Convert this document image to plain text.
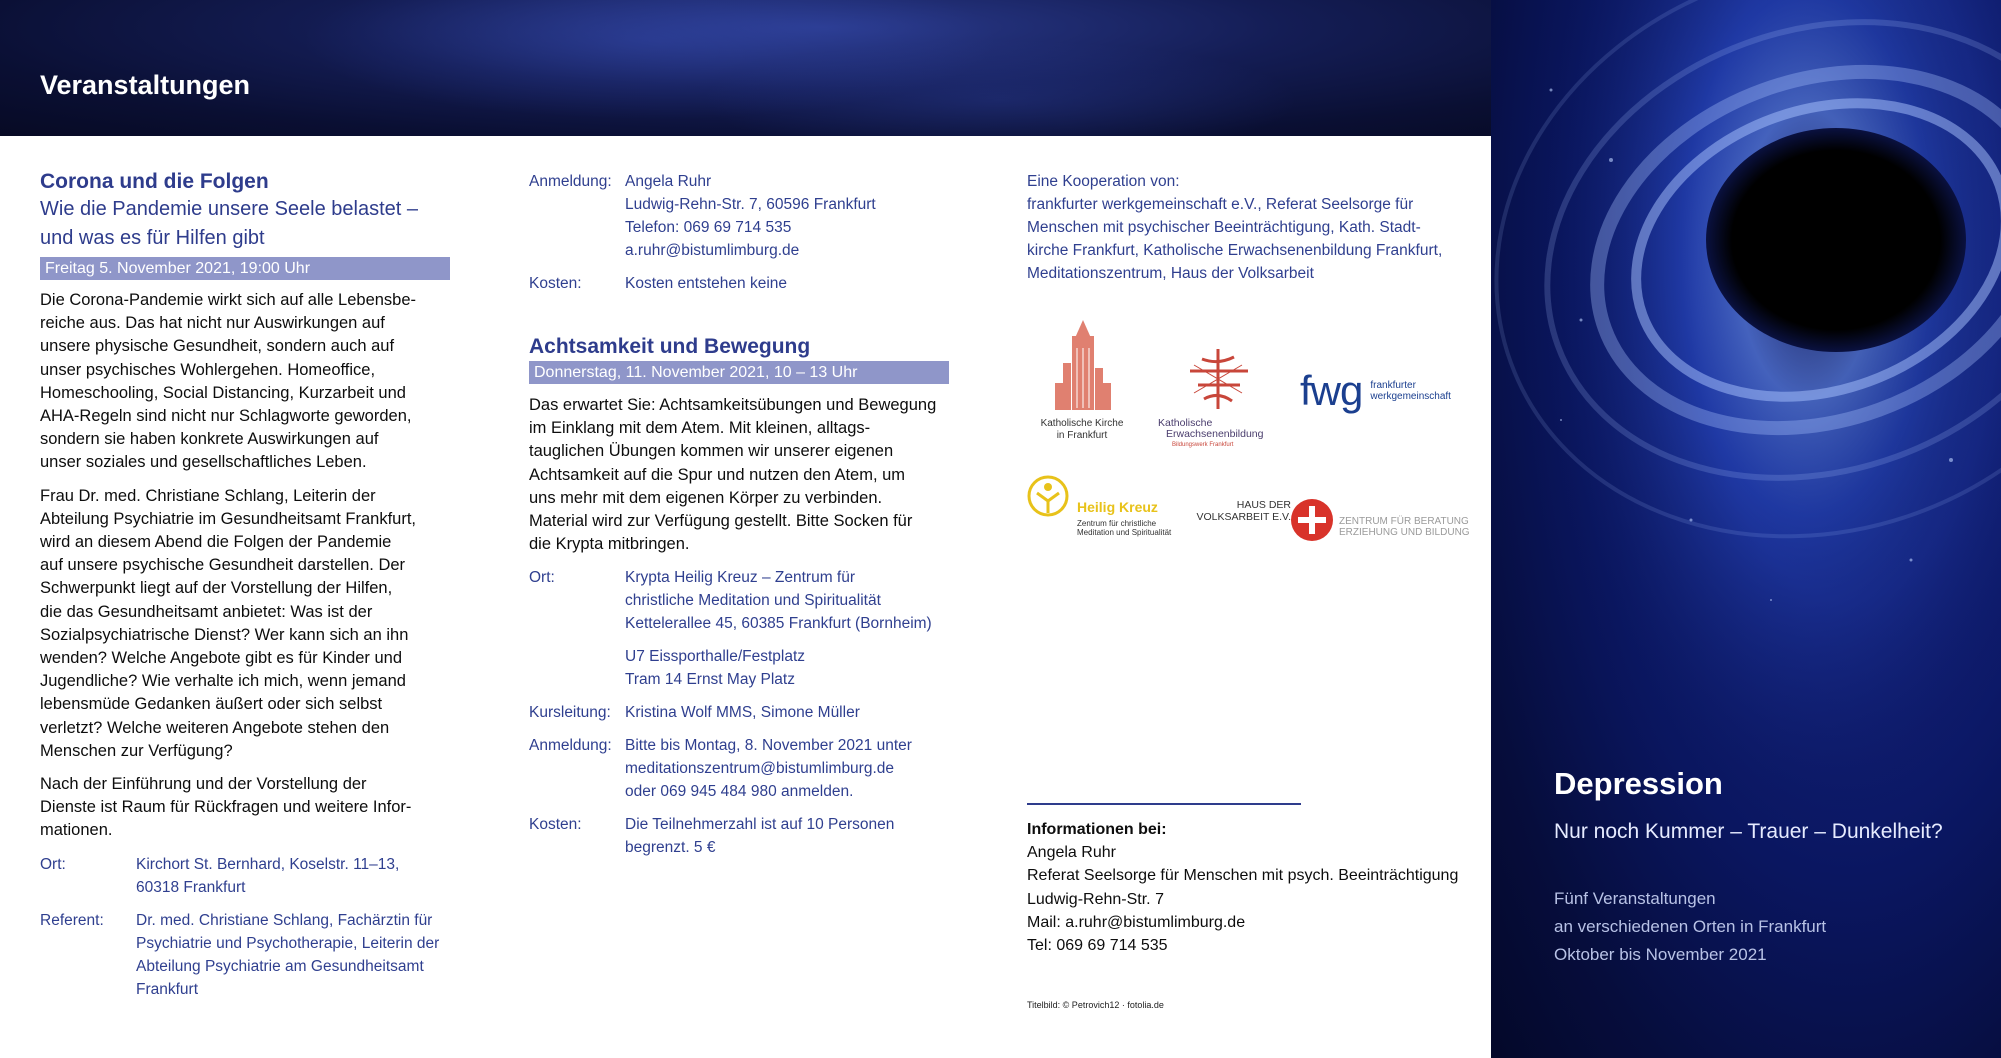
Veranstaltungen
Corona und die Folgen
Wie die Pandemie unsere Seele belastet –
und was es für Hilfen gibt
Freitag 5. November 2021, 19:00 Uhr
Die Corona-Pandemie wirkt sich auf alle Lebensbe-
reiche aus. Das hat nicht nur Auswirkungen auf
unsere physische Gesundheit, sondern auch auf
unser psychisches Wohlergehen. Homeoffice,
Homeschooling, Social Distancing, Kurzarbeit und
AHA-Regeln sind nicht nur Schlagworte geworden,
sondern sie haben konkrete Auswirkungen auf
unser soziales und gesellschaftliches Leben.
Frau Dr. med. Christiane Schlang, Leiterin der
Abteilung Psychiatrie im Gesundheitsamt Frankfurt,
wird an diesem Abend die Folgen der Pandemie
auf unsere psychische Gesundheit darstellen. Der
Schwerpunkt liegt auf der Vorstellung der Hilfen,
die das Gesundheitsamt anbietet: Was ist der
Sozialpsychiatrische Dienst? Wer kann sich an ihn
wenden? Welche Angebote gibt es für Kinder und
Jugendliche? Wie verhalte ich mich, wenn jemand
lebensmüde Gedanken äußert oder sich selbst
verletzt? Welche weiteren Angebote stehen den
Menschen zur Verfügung?
Nach der Einführung und der Vorstellung der
Dienste ist Raum für Rückfragen und weitere Infor-
mationen.
Ort:	Kirchort St. Bernhard, Koselstr. 11–13,
60318 Frankfurt
Referent:	Dr. med. Christiane Schlang, Fachärztin für
Psychiatrie und Psychotherapie, Leiterin der
Abteilung Psychiatrie am Gesundheitsamt
Frankfurt
Anmeldung: Angela Ruhr
Ludwig-Rehn-Str. 7, 60596 Frankfurt
Telefon: 069 69 714 535
a.ruhr@bistumlimburg.de
Kosten:	Kosten entstehen keine
Achtsamkeit und Bewegung
Donnerstag, 11. November 2021, 10 – 13 Uhr
Das erwartet Sie: Achtsamkeitsübungen und Bewegung
im Einklang mit dem Atem. Mit kleinen, alltags-
tauglichen Übungen kommen wir unserer eigenen
Achtsamkeit auf die Spur und nutzen den Atem, um
uns mehr mit dem eigenen Körper zu verbinden.
Material wird zur Verfügung gestellt. Bitte Socken für
die Krypta mitbringen.
Ort:	Krypta Heilig Kreuz – Zentrum für
christliche Meditation und Spiritualität
Kettelerallee 45, 60385 Frankfurt (Bornheim)
U7 Eissporthalle/Festplatz
Tram 14 Ernst May Platz
Kursleitung: Kristina Wolf MMS, Simone Müller
Anmeldung: Bitte bis Montag, 8. November 2021 unter
meditationszentrum@bistumlimburg.de
oder 069 945 484 980 anmelden.
Kosten:	Die Teilnehmerzahl ist auf 10 Personen
begrenzt. 5 €
Eine Kooperation von:
frankfurter werkgemeinschaft e.V., Referat Seelsorge für
Menschen mit psychischer Beeinträchtigung, Kath. Stadt-
kirche Frankfurt, Katholische Erwachsenenbildung Frankfurt,
Meditationszentrum, Haus der Volksarbeit
Katholische Kirche
in Frankfurt
Katholische
Erwachsenenbildung
Bildungswerk Frankfurt
fwg frankfurter
werkgemeinschaft
Heilig Kreuz
Zentrum für christliche
Meditation und Spiritualität
HAUS DER
VOLKSARBEIT E.V.	ZENTRUM FÜR BERATUNG
ERZIEHUNG UND BILDUNG
Informationen bei:
Angela Ruhr
Referat Seelsorge für Menschen mit psych. Beeinträchtigung
Ludwig-Rehn-Str. 7
Mail: a.ruhr@bistumlimburg.de
Tel: 069 69 714 535
Titelbild: © Petrovich12 · fotolia.de
Depression
Nur noch Kummer – Trauer – Dunkelheit?
Fünf Veranstaltungen
an verschiedenen Orten in Frankfurt
Oktober bis November 2021
